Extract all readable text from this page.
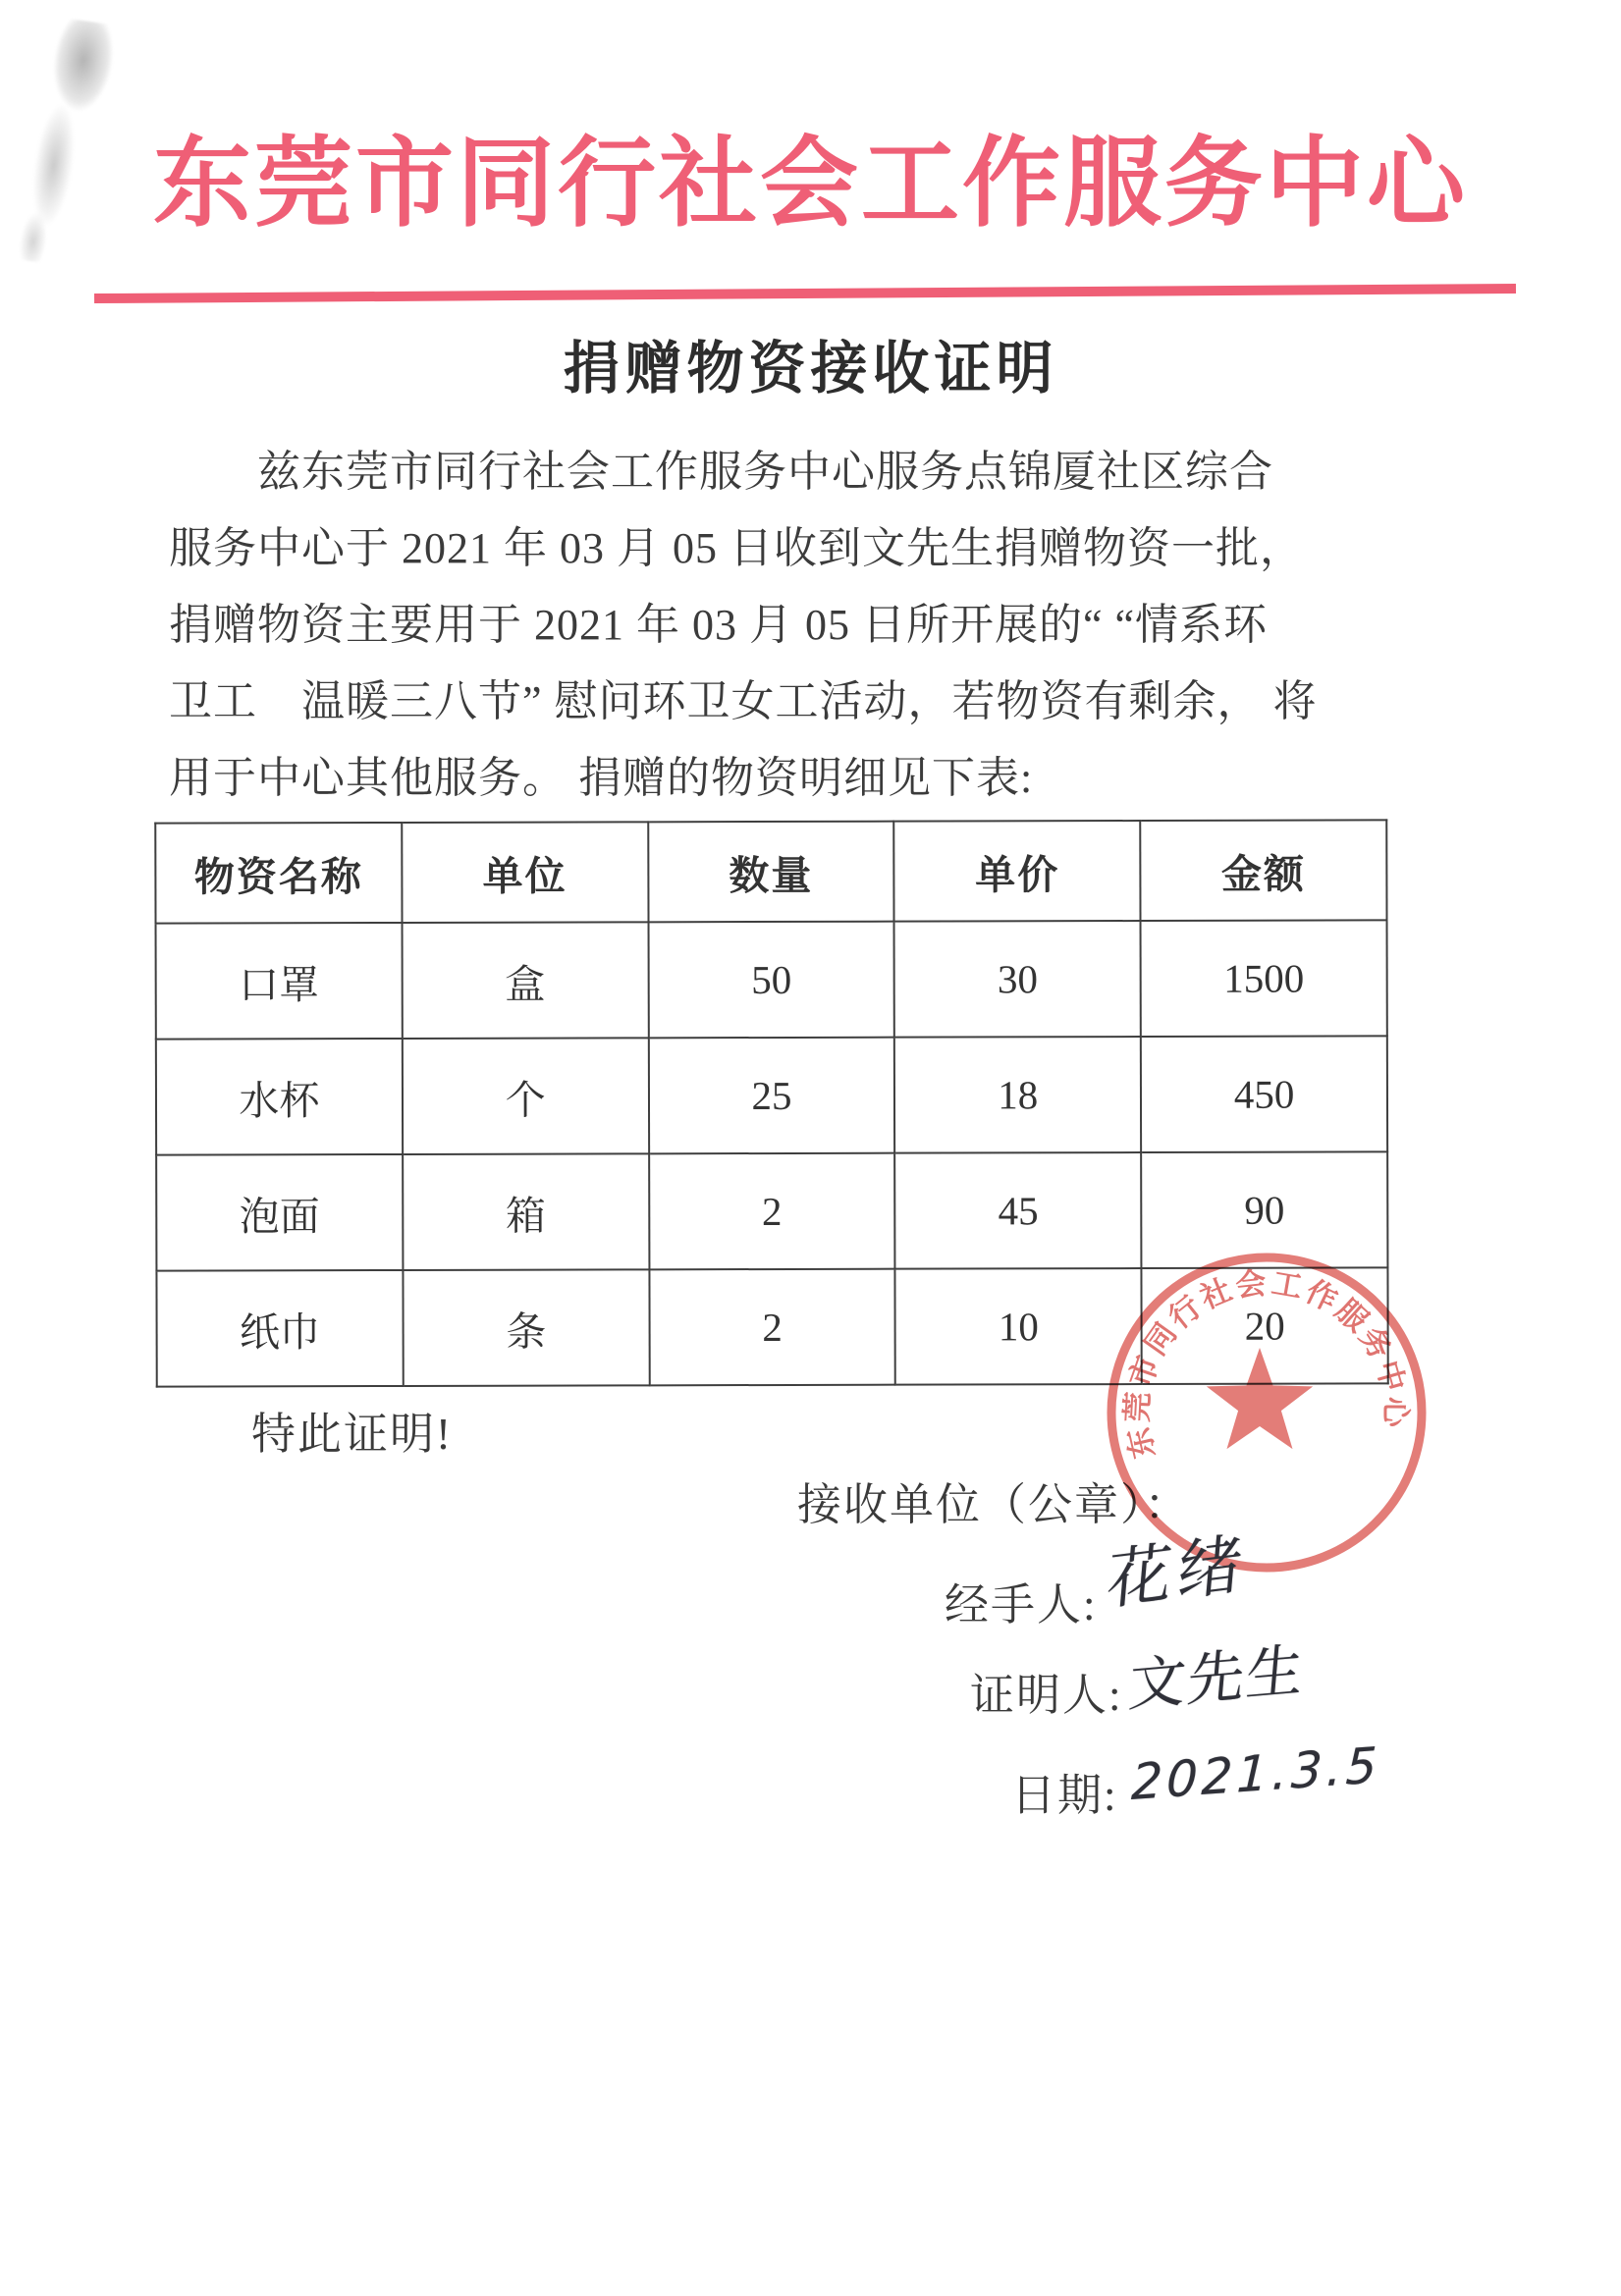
东莞市同行社会工作服务中心
捐赠物资接收证明
兹东莞市同行社会工作服务中心服务点锦厦社区综合
服务中心于 2021 年 03 月 05 日收到文先生捐赠物资一批，
捐赠物资主要用于 2021 年 03 月 05 日所开展的“ “情系环
卫工　温暖三八节” 慰问环卫女工活动，若物资有剩余， 将
用于中心其他服务。 捐赠的物资明细见下表:
物资名称	单位	数量	单价	金额
口罩	盒	50	30	1500
水杯	个	25	18	450
泡面	箱	2	45	90
纸巾	条	2	10	20
特此证明!
接收单位（公章）：
经手人: 花绪
证明人: 文先生
日期: 2021.3.5
东莞市同行社会工作服务中心
